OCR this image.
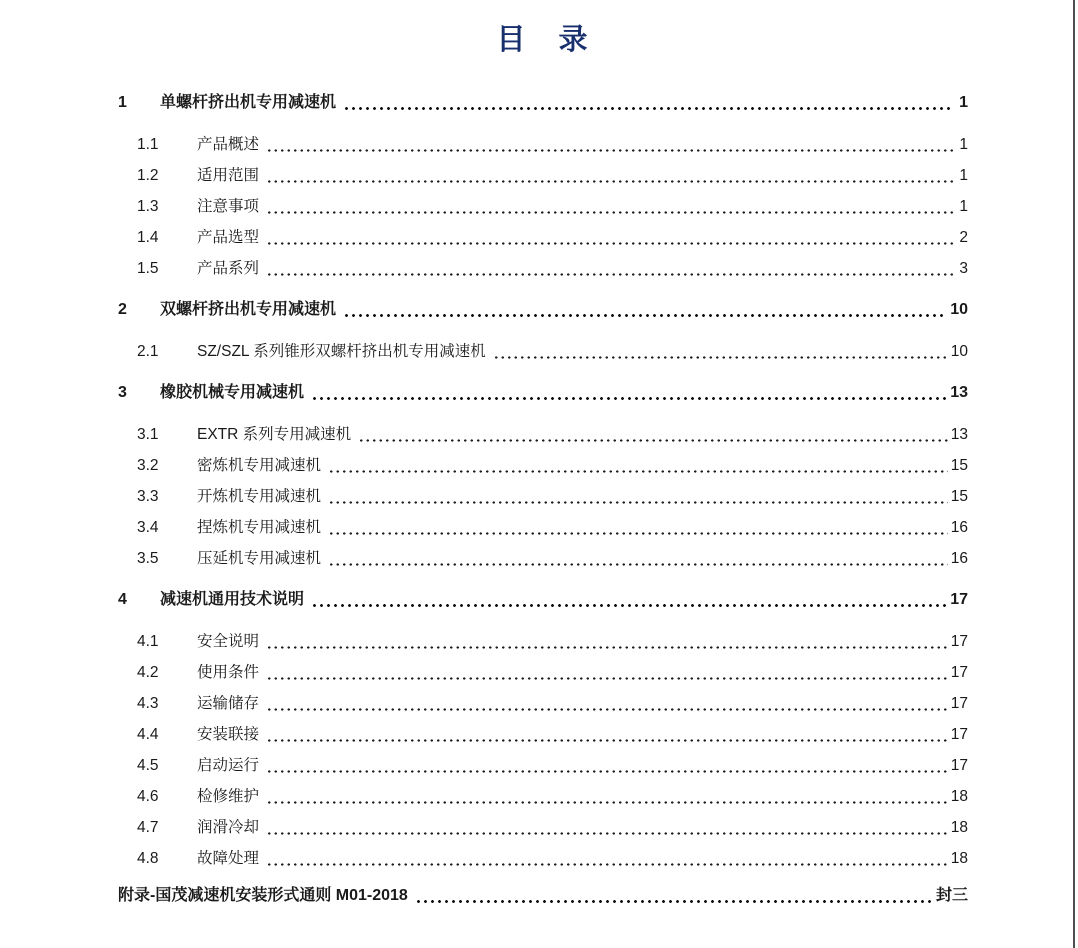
目　录
1	单螺杆挤出机专用减速机	1
1.1	产品概述	1
1.2	适用范围	1
1.3	注意事项	1
1.4	产品选型	2
1.5	产品系列	3
2	双螺杆挤出机专用减速机	10
2.1	SZ/SZL 系列锥形双螺杆挤出机专用减速机	10
3	橡胶机械专用减速机	13
3.1	EXTR 系列专用减速机	13
3.2	密炼机专用减速机	15
3.3	开炼机专用减速机	15
3.4	捏炼机专用减速机	16
3.5	压延机专用减速机	16
4	减速机通用技术说明	17
4.1	安全说明	17
4.2	使用条件	17
4.3	运输储存	17
4.4	安装联接	17
4.5	启动运行	17
4.6	检修维护	18
4.7	润滑冷却	18
4.8	故障处理	18
附录-国茂减速机安装形式通则 M01-2018	封三
